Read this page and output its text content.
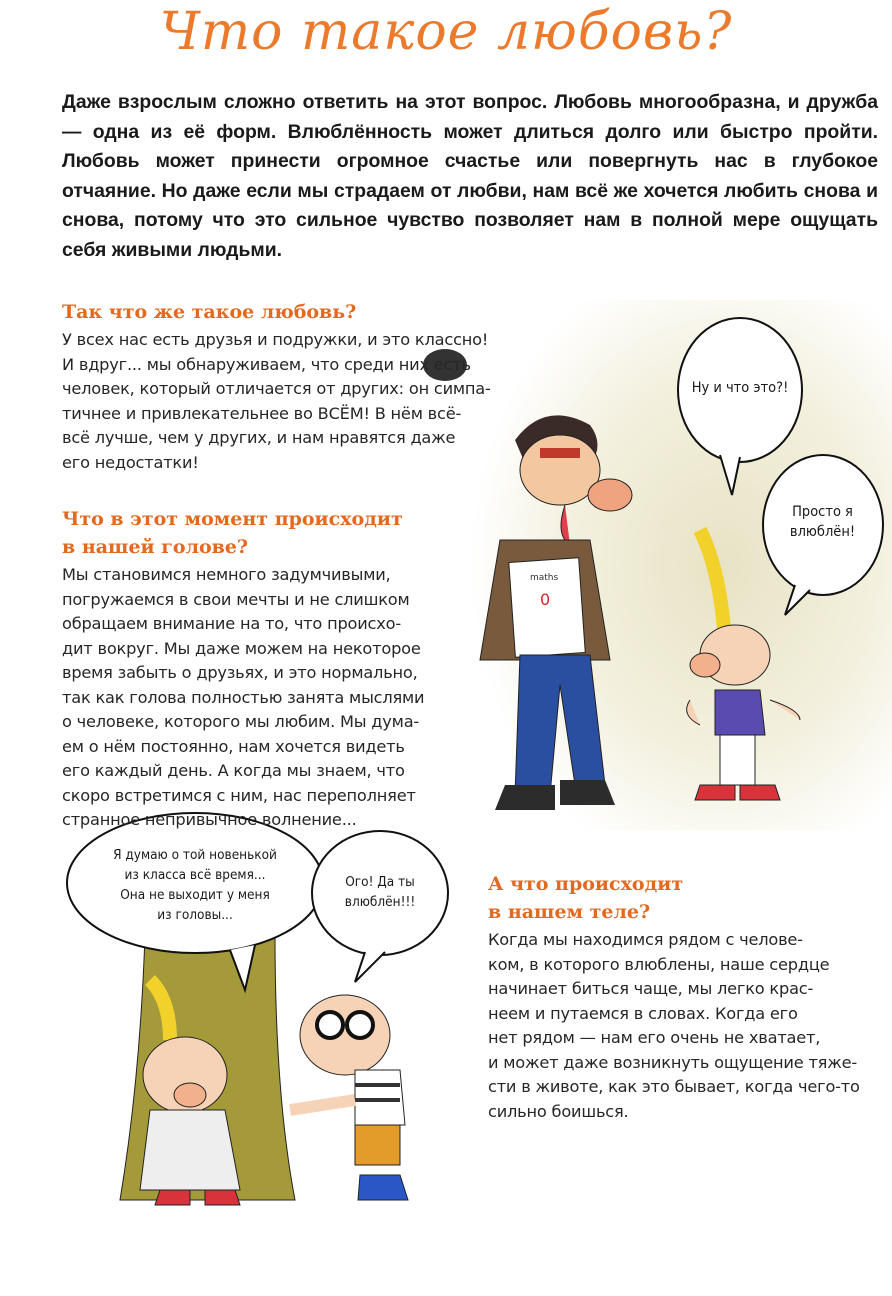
maths
0
Что такое любовь?
Даже взрослым сложно ответить на этот вопрос. Любовь многообразна, и дружба — одна из её форм. Влюблённость может длиться долго или быстро пройти. Любовь может принести огромное счастье или повергнуть нас в глубокое отчаяние. Но даже если мы страдаем от любви, нам всё же хочется любить снова и снова, потому что это сильное чувство позволяет нам в полной мере ощущать себя живыми людьми.
Так что же такое любовь?

У всех нас есть друзья и подружки, и это классно!
И вдруг... мы обнаруживаем, что среди них есть
человек, который отличается от других: он симпа-
тичнее и привлекательнее во ВСЁМ! В нём всё-
всё лучше, чем у других, и нам нравятся даже
его недостатки!

Что в этот момент происходит
в нашей голове?

Мы становимся немного задумчивыми,
погружаемся в свои мечты и не слишком
обращаем внимание на то, что происхо-
дит вокруг. Мы даже можем на некоторое
время забыть о друзьях, и это нормально,
так как голова полностью занята мыслями
о человеке, которого мы любим. Мы дума-
ем о нём постоянно, нам хочется видеть
его каждый день. А когда мы знаем, что
скоро встретимся с ним, нас переполняет
странное непривычное волнение...

А что происходит
в нашем теле?

Когда мы находимся рядом с челове-
ком, в которого влюблены, наше сердце
начинает биться чаще, мы легко крас-
неем и путаемся в словах. Когда его
нет рядом — нам его очень не хватает,
и может даже возникнуть ощущение тяже-
сти в животе, как это бывает, когда чего-то
сильно боишься.

Ну и что это?!
Просто я
влюблён!
Я думаю о той новенькой
из класса всё время...
Она не выходит у меня
из головы...
Ого! Да ты
влюблён!!!
